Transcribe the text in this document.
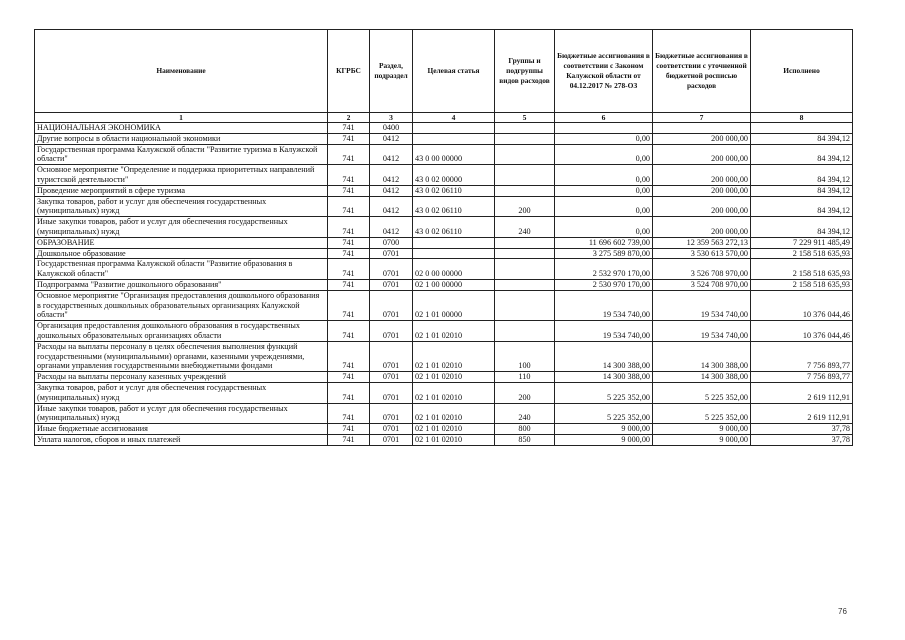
Наименование	КГРБС	Раздел, подраздел	Целевая статья	Группы и подгруппы видов расходов	Бюджетные ассигнования в соответствии с Законом Калужской области от 04.12.2017 № 278-ОЗ	Бюджетные ассигнования в соответствии с уточненной бюджетной росписью расходов	Исполнено
1	2	3	4	5	6	7	8
НАЦИОНАЛЬНАЯ ЭКОНОМИКА	741	0400					
Другие вопросы в области национальной экономики	741	0412			0,00	200 000,00	84 394,12
Государственная программа Калужской области "Развитие туризма в Калужской области"	741	0412	43 0 00 00000		0,00	200 000,00	84 394,12
Основное мероприятие "Определение и поддержка приоритетных направлений туристской деятельности"	741	0412	43 0 02 00000		0,00	200 000,00	84 394,12
Проведение мероприятий в сфере туризма	741	0412	43 0 02 06110		0,00	200 000,00	84 394,12
Закупка товаров, работ и услуг для обеспечения государственных (муниципальных) нужд	741	0412	43 0 02 06110	200	0,00	200 000,00	84 394,12
Иные закупки товаров, работ и услуг для обеспечения государственных (муниципальных) нужд	741	0412	43 0 02 06110	240	0,00	200 000,00	84 394,12
ОБРАЗОВАНИЕ	741	0700			11 696 602 739,00	12 359 563 272,13	7 229 911 485,49
Дошкольное образование	741	0701			3 275 589 870,00	3 530 613 570,00	2 158 518 635,93
Государственная программа Калужской области "Развитие образования в Калужской области"	741	0701	02 0 00 00000		2 532 970 170,00	3 526 708 970,00	2 158 518 635,93
Подпрограмма "Развитие дошкольного образования"	741	0701	02 1 00 00000		2 530 970 170,00	3 524 708 970,00	2 158 518 635,93
Основное мероприятие "Организация предоставления дошкольного образования в государственных дошкольных образовательных организациях Калужской области"	741	0701	02 1 01 00000		19 534 740,00	19 534 740,00	10 376 044,46
Организация предоставления дошкольного образования в государственных дошкольных образовательных организациях области	741	0701	02 1 01 02010		19 534 740,00	19 534 740,00	10 376 044,46
Расходы на выплаты персоналу в целях обеспечения выполнения функций государственными (муниципальными) органами, казенными учреждениями, органами управления государственными внебюджетными фондами	741	0701	02 1 01 02010	100	14 300 388,00	14 300 388,00	7 756 893,77
Расходы на выплаты персоналу казенных учреждений	741	0701	02 1 01 02010	110	14 300 388,00	14 300 388,00	7 756 893,77
Закупка товаров, работ и услуг для обеспечения государственных (муниципальных) нужд	741	0701	02 1 01 02010	200	5 225 352,00	5 225 352,00	2 619 112,91
Иные закупки товаров, работ и услуг для обеспечения государственных (муниципальных) нужд	741	0701	02 1 01 02010	240	5 225 352,00	5 225 352,00	2 619 112,91
Иные бюджетные ассигнования	741	0701	02 1 01 02010	800	9 000,00	9 000,00	37,78
Уплата налогов, сборов и иных платежей	741	0701	02 1 01 02010	850	9 000,00	9 000,00	37,78
76
